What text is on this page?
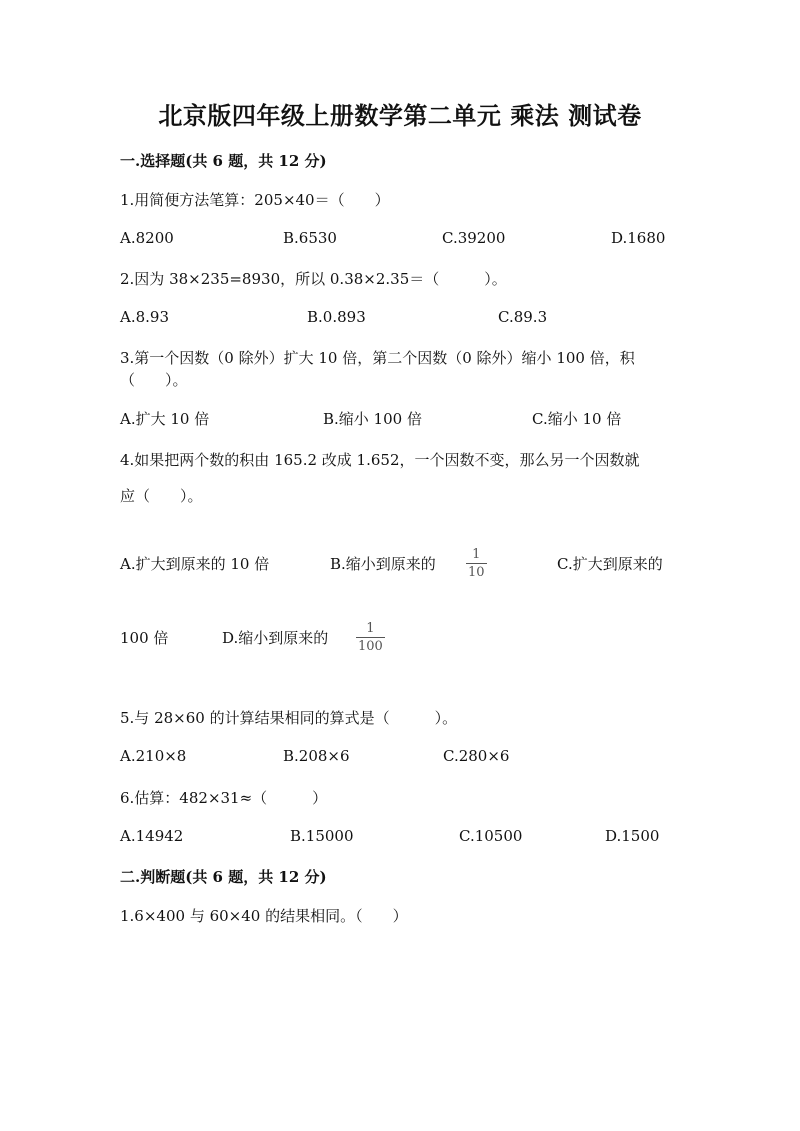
北京版四年级上册数学第二单元 乘法 测试卷
一.选择题(共 6 题，共 12 分)
1.用简便方法笔算：205×40＝（　　）
A.8200	B.6530	C.39200	D.1680
2.因为 38×235=8930，所以 0.38×2.35＝（　　　）。
A.8.93	B.0.893	C.89.3
3.第一个因数（0 除外）扩大 10 倍，第二个因数（0 除外）缩小 100 倍，积
（　　）。
A.扩大 10 倍	B.缩小 100 倍	C.缩小 10 倍
4.如果把两个数的积由 165.2 改成 1.652，一个因数不变，那么另一个因数就
应（　　）。
A.扩大到原来的 10 倍	B.缩小到原来的
1
10	C.扩大到原来的
100 倍	D.缩小到原来的
1
100
5.与 28×60 的计算结果相同的算式是（　　　）。
A.210×8	B.208×6	C.280×6
6.估算：482×31≈（　　　）
A.14942	B.15000	C.10500	D.1500
二.判断题(共 6 题，共 12 分)
1.6×400 与 60×40 的结果相同。（　　）
